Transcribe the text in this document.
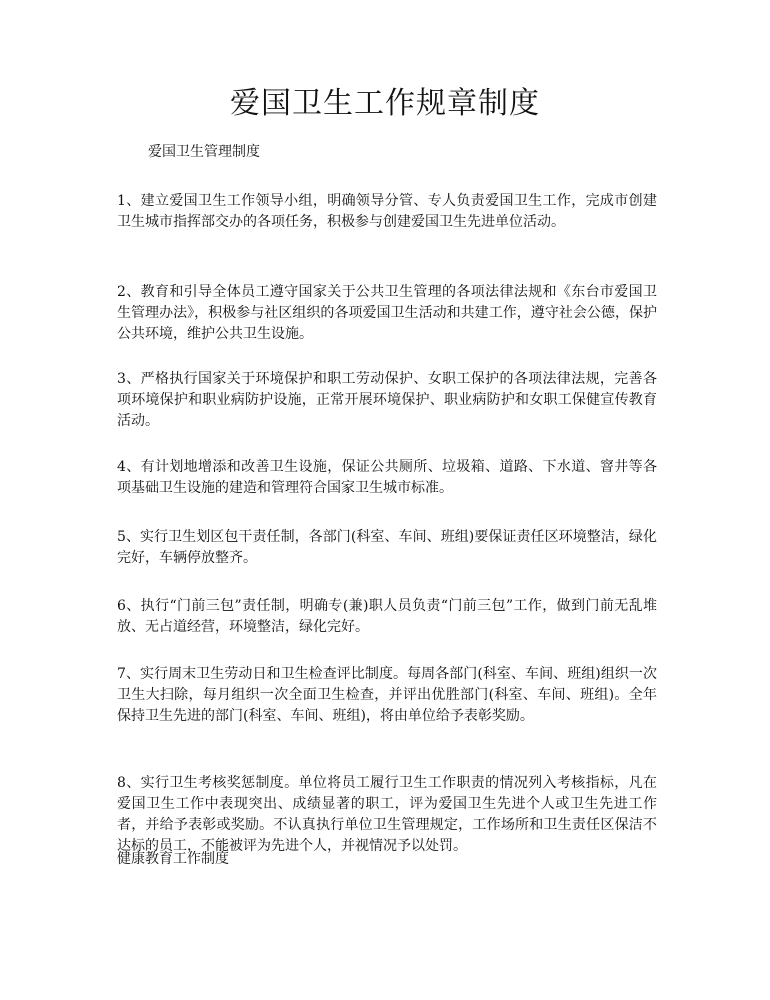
爱国卫生工作规章制度

爱国卫生管理制度

1、建立爱国卫生工作领导小组，明确领导分管、专人负责爱国卫生工作，完成市创建卫生城市指挥部交办的各项任务，积极参与创建爱国卫生先进单位活动。

2、教育和引导全体员工遵守国家关于公共卫生管理的各项法律法规和《东台市爱国卫生管理办法》，积极参与社区组织的各项爱国卫生活动和共建工作，遵守社会公德，保护公共环境，维护公共卫生设施。

3、严格执行国家关于环境保护和职工劳动保护、女职工保护的各项法律法规，完善各项环境保护和职业病防护设施，正常开展环境保护、职业病防护和女职工保健宣传教育活动。

4、有计划地增添和改善卫生设施，保证公共厕所、垃圾箱、道路、下水道、窨井等各项基础卫生设施的建造和管理符合国家卫生城市标准。

5、实行卫生划区包干责任制，各部门(科室、车间、班组)要保证责任区环境整洁，绿化完好，车辆停放整齐。

6、执行“门前三包”责任制，明确专(兼)职人员负责“门前三包”工作，做到门前无乱堆放、无占道经营，环境整洁，绿化完好。

7、实行周末卫生劳动日和卫生检查评比制度。每周各部门(科室、车间、班组)组织一次卫生大扫除，每月组织一次全面卫生检查，并评出优胜部门(科室、车间、班组)。全年保持卫生先进的部门(科室、车间、班组)，将由单位给予表彰奖励。

8、实行卫生考核奖惩制度。单位将员工履行卫生工作职责的情况列入考核指标，凡在爱国卫生工作中表现突出、成绩显著的职工，评为爱国卫生先进个人或卫生先进工作者，并给予表彰或奖励。不认真执行单位卫生管理规定，工作场所和卫生责任区保洁不达标的员工，不能被评为先进个人，并视情况予以处罚。

健康教育工作制度
